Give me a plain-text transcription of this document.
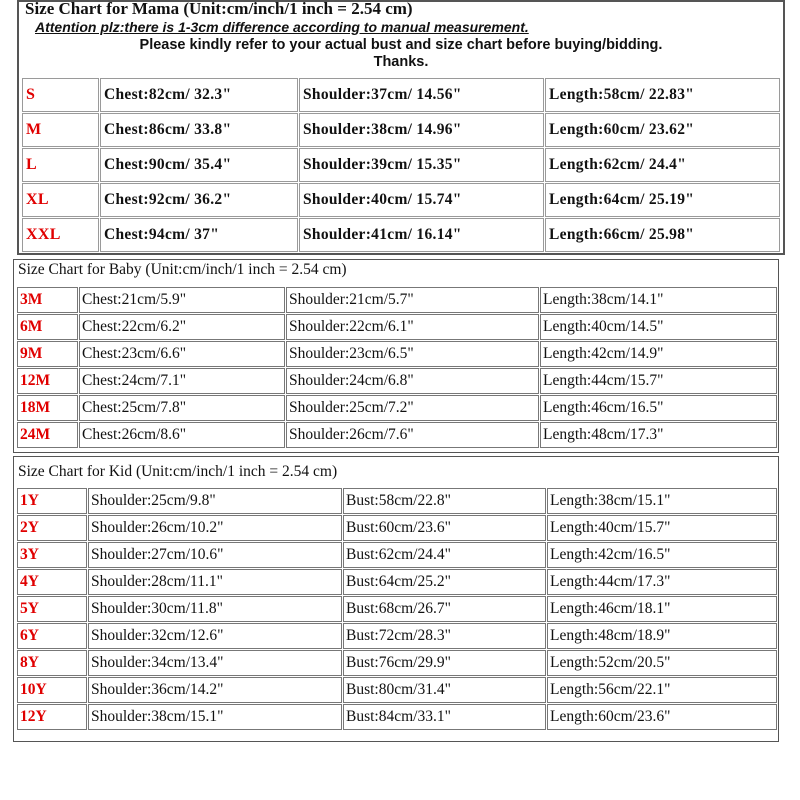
Size Chart for Mama (Unit:cm/inch/1 inch = 2.54 cm)
Attention plz:there is 1-3cm difference according to manual measurement.
Please kindly refer to your actual bust and size chart before buying/bidding.
Thanks.
S	Chest:82cm/ 32.3"	Shoulder:37cm/ 14.56"	Length:58cm/ 22.83"
M	Chest:86cm/ 33.8"	Shoulder:38cm/ 14.96"	Length:60cm/ 23.62"
L	Chest:90cm/ 35.4"	Shoulder:39cm/ 15.35"	Length:62cm/ 24.4"
XL	Chest:92cm/ 36.2"	Shoulder:40cm/ 15.74"	Length:64cm/ 25.19"
XXL	Chest:94cm/ 37"	Shoulder:41cm/ 16.14"	Length:66cm/ 25.98"
Size Chart for Baby (Unit:cm/inch/1 inch = 2.54 cm)
3M	Chest:21cm/5.9"	Shoulder:21cm/5.7"	Length:38cm/14.1"
6M	Chest:22cm/6.2"	Shoulder:22cm/6.1"	Length:40cm/14.5"
9M	Chest:23cm/6.6"	Shoulder:23cm/6.5"	Length:42cm/14.9"
12M	Chest:24cm/7.1"	Shoulder:24cm/6.8"	Length:44cm/15.7"
18M	Chest:25cm/7.8"	Shoulder:25cm/7.2"	Length:46cm/16.5"
24M	Chest:26cm/8.6"	Shoulder:26cm/7.6"	Length:48cm/17.3"
Size Chart for Kid (Unit:cm/inch/1 inch = 2.54 cm)
1Y	Shoulder:25cm/9.8"	Bust:58cm/22.8"	Length:38cm/15.1"
2Y	Shoulder:26cm/10.2"	Bust:60cm/23.6"	Length:40cm/15.7"
3Y	Shoulder:27cm/10.6"	Bust:62cm/24.4"	Length:42cm/16.5"
4Y	Shoulder:28cm/11.1"	Bust:64cm/25.2"	Length:44cm/17.3"
5Y	Shoulder:30cm/11.8"	Bust:68cm/26.7"	Length:46cm/18.1"
6Y	Shoulder:32cm/12.6"	Bust:72cm/28.3"	Length:48cm/18.9"
8Y	Shoulder:34cm/13.4"	Bust:76cm/29.9"	Length:52cm/20.5"
10Y	Shoulder:36cm/14.2"	Bust:80cm/31.4"	Length:56cm/22.1"
12Y	Shoulder:38cm/15.1"	Bust:84cm/33.1"	Length:60cm/23.6"
